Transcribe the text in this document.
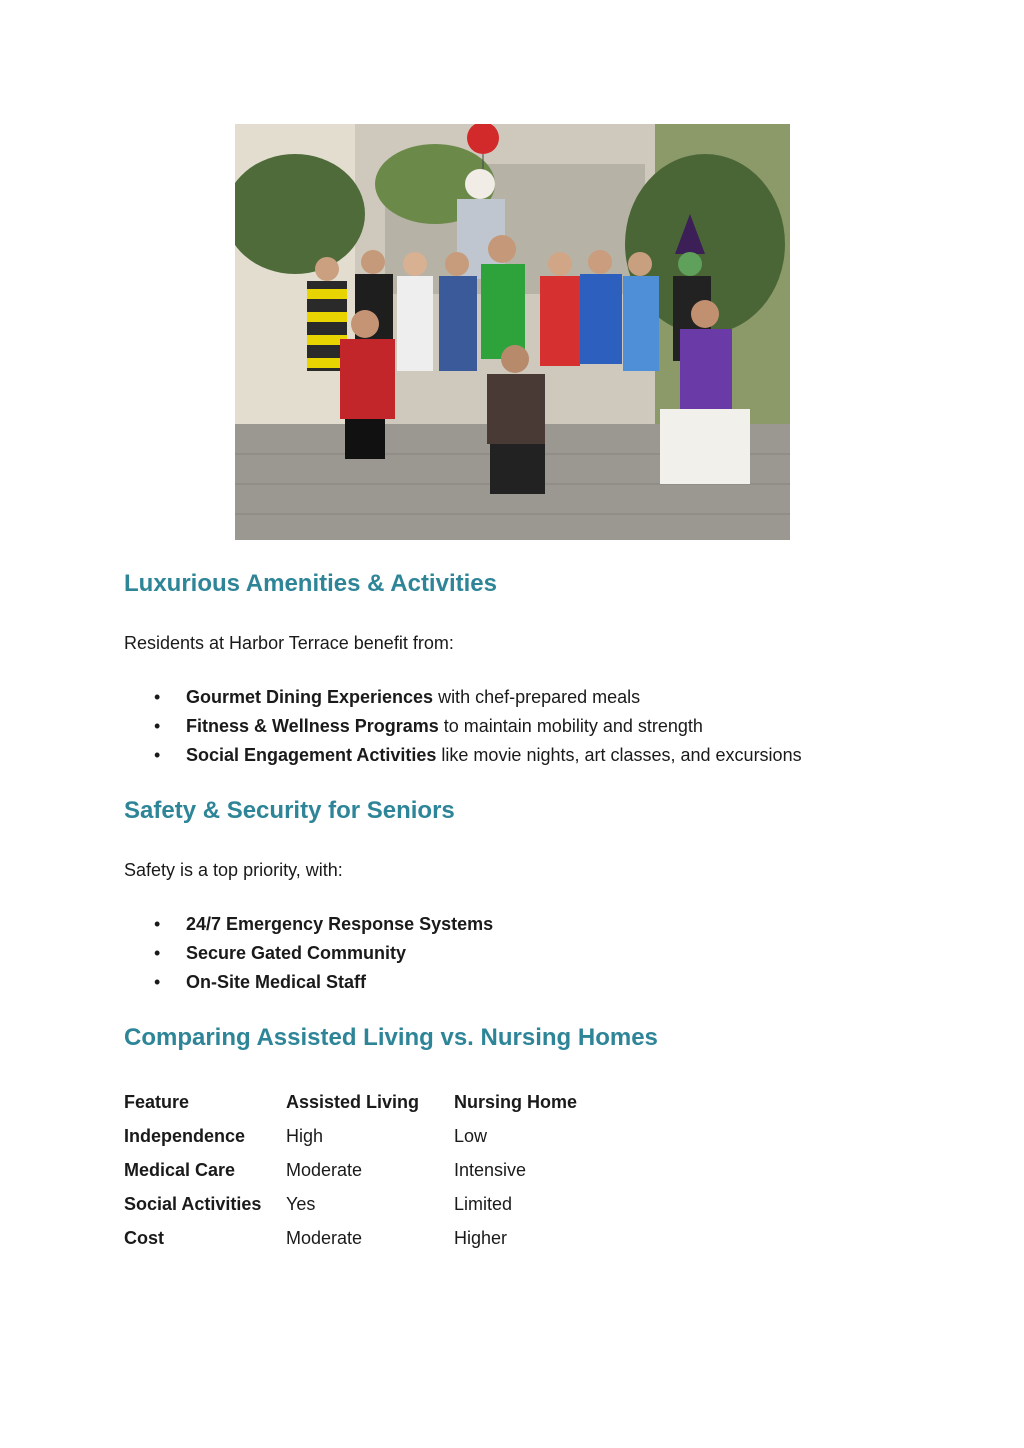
Luxurious Amenities & Activities

Residents at Harbor Terrace benefit from:

• Gourmet Dining Experiences with chef-prepared meals
• Fitness & Wellness Programs to maintain mobility and strength
• Social Engagement Activities like movie nights, art classes, and excursions
Safety & Security for Seniors

Safety is a top priority, with:

• 24/7 Emergency Response Systems
• Secure Gated Community
• On-Site Medical Staff
Comparing Assisted Living vs. Nursing Homes
Feature	Assisted Living	Nursing Home
Independence	High	Low
Medical Care	Moderate	Intensive
Social Activities	Yes	Limited
Cost	Moderate	Higher
